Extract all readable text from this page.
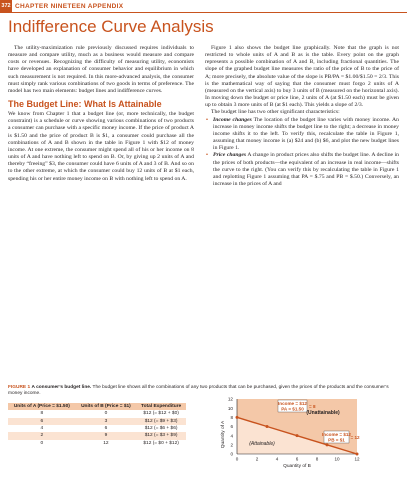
372 CHAPTER NINETEEN APPENDIX
Indifference Curve Analysis

The utility-maximization rule previously discussed requires individuals to measure and compare utility, much as a business would measure and compare costs or revenues. Recognizing the difficulty of measuring utility, economists have developed an explanation of consumer behavior and equilibrium in which such measurement is not required. In this more-advanced analysis, the consumer must simply rank various combinations of two goods in terms of preference. The model has two main elements: budget lines and indifference curves.

The Budget Line: What Is Attainable

We know from Chapter 1 that a budget line (or, more technically, the budget constraint) is a schedule or curve showing various combinations of two products a consumer can purchase with a specific money income. If the price of product A is $1.50 and the price of product B is $1, a consumer could purchase all the combinations of A and B shown in the table in Figure 1 with $12 of money income. At one extreme, the consumer might spend all of his or her income on 8 units of A and have nothing left to spend on B. Or, by giving up 2 units of A and thereby “freeing” $3, the consumer could have 6 units of A and 3 of B. And so on to the other extreme, at which the consumer could buy 12 units of B at $1 each, spending his or her entire money income on B with nothing left to spend on A.

Figure 1 also shows the budget line graphically. Note that the graph is not restricted to whole units of A and B as is the table. Every point on the graph represents a possible combination of A and B, including fractional quantities. The slope of the graphed budget line measures the ratio of the price of B to the price of A; more precisely, the absolute value of the slope is PB/PA = $1.00/$1.50 = 2/3. This is the mathematical way of saying that the consumer must forgo 2 units of A (measured on the vertical axis) to buy 3 units of B (measured on the horizontal axis). In moving down the budget or price line, 2 units of A (at $1.50 each) must be given up to obtain 3 more units of B (at $1 each). This yields a slope of 2/3.

The budget line has two other significant characteristics:

• Income changes The location of the budget line varies with money income. An increase in money income shifts the budget line to the right; a decrease in money income shifts it to the left. To verify this, recalculate the table in Figure 1, assuming that money income is (a) $24 and (b) $6, and plot the new budget lines in Figure 1.
• Price changes A change in product prices also shifts the budget line. A decline in the prices of both products—the equivalent of an increase in real income—shifts the curve to the right. (You can verify this by recalculating the table in Figure 1 and replotting Figure 1 assuming that PA = $.75 and PB = $.50.) Conversely, an increase in the prices of A and
FIGURE 1 A consumer’s budget line. The budget line shows all the combinations of any two products that can be purchased, given the prices of the products and the consumer’s money income.
Units of A (Price = $1.50)	Units of B (Price = $1)	Total Expenditure
8	0	$12 (= $12 + $0)
6	3	$12 (= $9 + $3)
4	6	$12 (= $6 + $6)
2	9	$12 (= $3 + $9)
0	12	$12 (= $0 + $12)
0
2
4
6
8
10
12
0	2	4	6	8	10	12
Quantity of B
Quantity of A
Income = $12
PA = $1.50
= 8
(Unattainable)
Income = $12
PB = $1
= 12
(Attainable)
